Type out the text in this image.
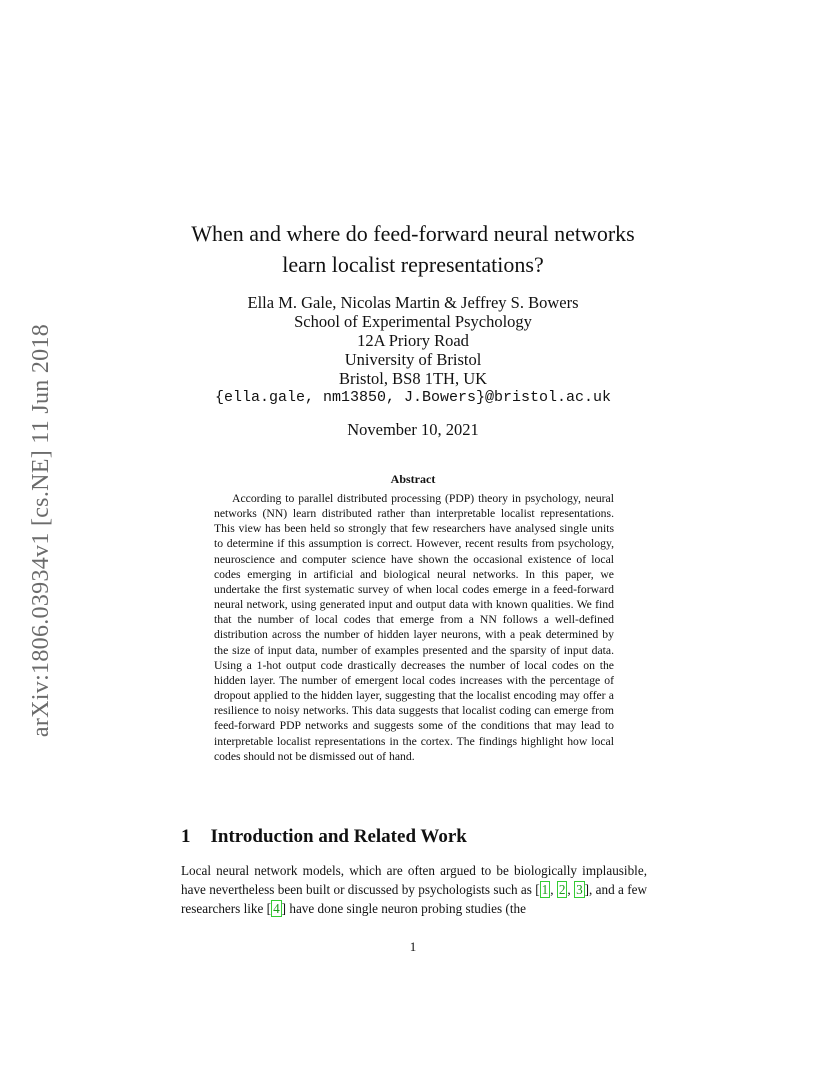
arXiv:1806.03934v1 [cs.NE] 11 Jun 2018
When and where do feed-forward neural networks
learn localist representations?
Ella M. Gale, Nicolas Martin & Jeffrey S. Bowers
School of Experimental Psychology
12A Priory Road
University of Bristol
Bristol, BS8 1TH, UK
{ella.gale, nm13850, J.Bowers}@bristol.ac.uk
November 10, 2021
Abstract
According to parallel distributed processing (PDP) theory in psychology, neural networks (NN) learn distributed rather than interpretable localist representations. This view has been held so strongly that few researchers have analysed single units to determine if this assumption is correct. However, recent results from psychology, neuroscience and computer science have shown the occasional existence of local codes emerging in artificial and biological neural networks. In this paper, we undertake the first systematic survey of when local codes emerge in a feed-forward neural network, using generated input and output data with known qualities. We find that the number of local codes that emerge from a NN follows a well-defined distribution across the number of hidden layer neurons, with a peak determined by the size of input data, number of examples presented and the sparsity of input data. Using a 1-hot output code drastically decreases the number of local codes on the hidden layer. The number of emergent local codes increases with the percentage of dropout applied to the hidden layer, suggesting that the localist encoding may offer a resilience to noisy networks. This data suggests that localist coding can emerge from feed-forward PDP networks and suggests some of the conditions that may lead to interpretable localist representations in the cortex. The findings highlight how local codes should not be dismissed out of hand.
1 Introduction and Related Work
Local neural network models, which are often argued to be biologically implausible, have nevertheless been built or discussed by psychologists such as [ 1 , 2 , 3 ], and a few researchers like [ 4 ] have done single neuron probing studies (the
1
